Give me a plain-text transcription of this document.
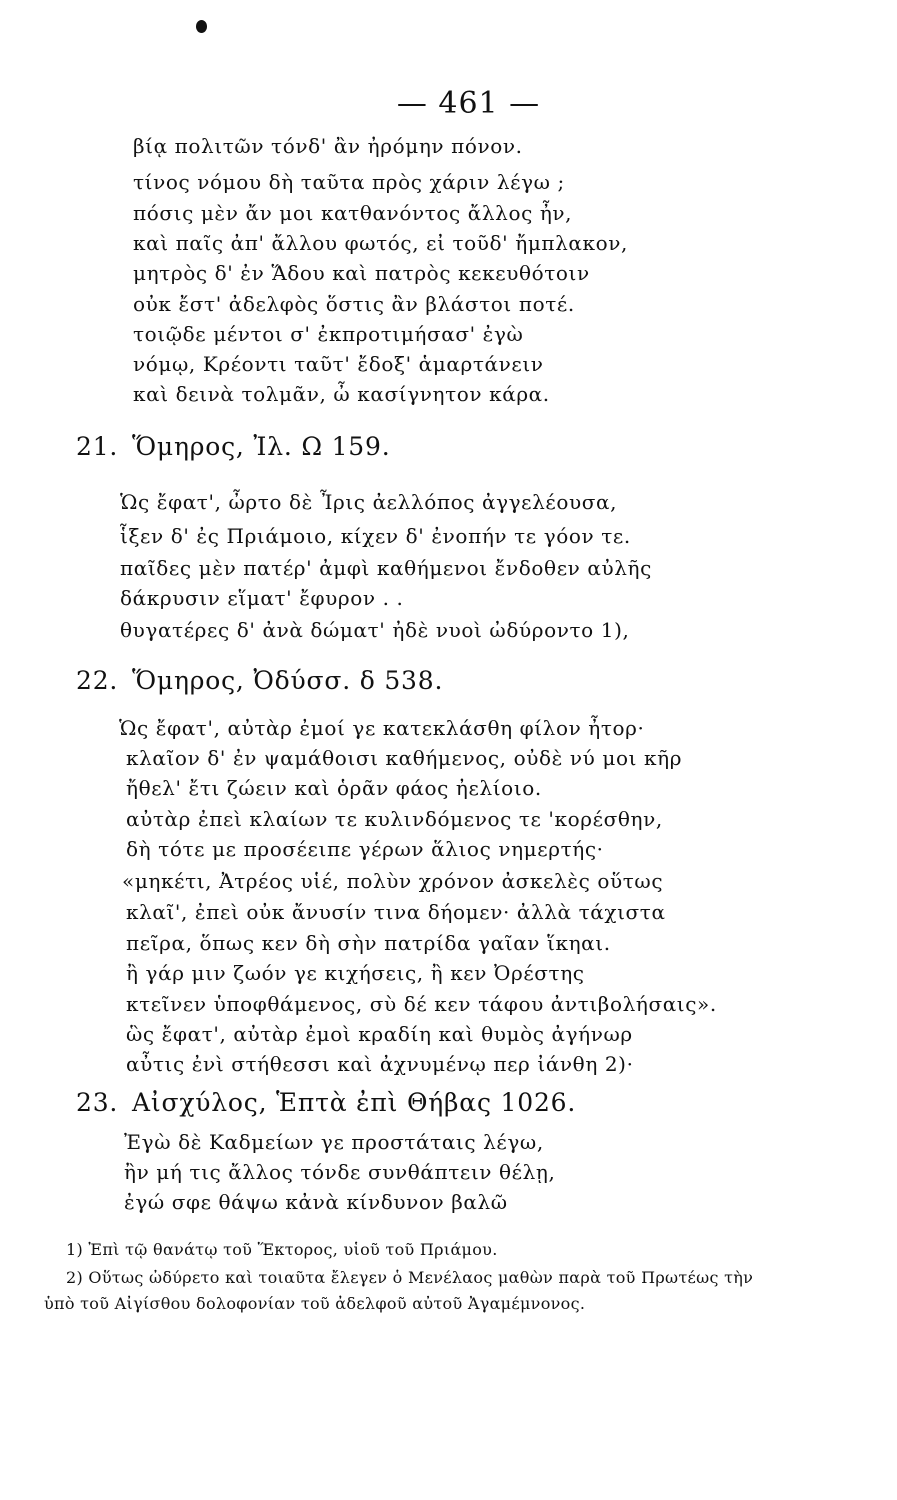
— 461 —
βίᾳ πολιτῶν τόνδ' ἂν ἠρόμην πόνον.
τίνος νόμου δὴ ταῦτα πρὸς χάριν λέγω ;
πόσις μὲν ἄν μοι κατθανόντος ἄλλος ἦν,
καὶ παῖς ἀπ' ἄλλου φωτός, εἰ τοῦδ' ἤμπλακον,
μητρὸς δ' ἐν Ἅδου καὶ πατρὸς κεκευθότοιν
οὐκ ἔστ' ἀδελφὸς ὅστις ἂν βλάστοι ποτέ.
τοιῷδε μέντοι σ' ἐκπροτιμήσασ' ἐγὼ
νόμῳ, Κρέοντι ταῦτ' ἔδοξ' ἁμαρτάνειν
καὶ δεινὰ τολμᾶν, ὦ κασίγνητον κάρα.
21. Ὅμηρος, Ἰλ. Ω 159.
Ὡς ἔφατ', ὦρτο δὲ Ἶρις ἀελλόπος ἀγγελέουσα,
ἷξεν δ' ἐς Πριάμοιο, κίχεν δ' ἐνοπήν τε γόον τε.
παῖδες μὲν πατέρ' ἀμφὶ καθήμενοι ἔνδοθεν αὐλῆς
δάκρυσιν εἵματ' ἔφυρον . .
θυγατέρες δ' ἀνὰ δώματ' ἠδὲ νυοὶ ὠδύροντο 1),
22. Ὅμηρος, Ὀδύσσ. δ 538.
Ὡς ἔφατ', αὐτὰρ ἐμοί γε κατεκλάσθη φίλον ἦτορ·
κλαῖον δ' ἐν ψαμάθοισι καθήμενος, οὐδὲ νύ μοι κῆρ
ἤθελ' ἔτι ζώειν καὶ ὁρᾶν φάος ἠελίοιο.
αὐτὰρ ἐπεὶ κλαίων τε κυλινδόμενος τε 'κορέσθην,
δὴ τότε με προσέειπε γέρων ἅλιος νημερτής·
«μηκέτι, Ἀτρέος υἱέ, πολὺν χρόνον ἀσκελὲς οὕτως
κλαῖ', ἐπεὶ οὐκ ἄνυσίν τινα δήομεν· ἀλλὰ τάχιστα
πεῖρα, ὅπως κεν δὴ σὴν πατρίδα γαῖαν ἵκηαι.
ἢ γάρ μιν ζωόν γε κιχήσεις, ἢ κεν Ὀρέστης
κτεῖνεν ὑποφθάμενος, σὺ δέ κεν τάφου ἀντιβολήσαις».
ὣς ἔφατ', αὐτὰρ ἐμοὶ κραδίη καὶ θυμὸς ἀγήνωρ
αὖτις ἐνὶ στήθεσσι καὶ ἀχνυμένῳ περ ἰάνθη 2)·
23. Αἰσχύλος, Ἑπτὰ ἐπὶ Θήβας 1026.
Ἐγὼ δὲ Καδμείων γε προστάταις λέγω,
ἢν μή τις ἄλλος τόνδε συνθάπτειν θέλῃ,
ἐγώ σφε θάψω κἀνὰ κίνδυνον βαλῶ
1) Ἐπὶ τῷ θανάτῳ τοῦ Ἕκτορος, υἱοῦ τοῦ Πριάμου.
2) Οὕτως ὠδύρετο καὶ τοιαῦτα ἔλεγεν ὁ Μενέλαος μαθὼν παρὰ τοῦ Πρωτέως τὴν
ὑπὸ τοῦ Αἰγίσθου δολοφονίαν τοῦ ἀδελφοῦ αὐτοῦ Ἀγαμέμνονος.
